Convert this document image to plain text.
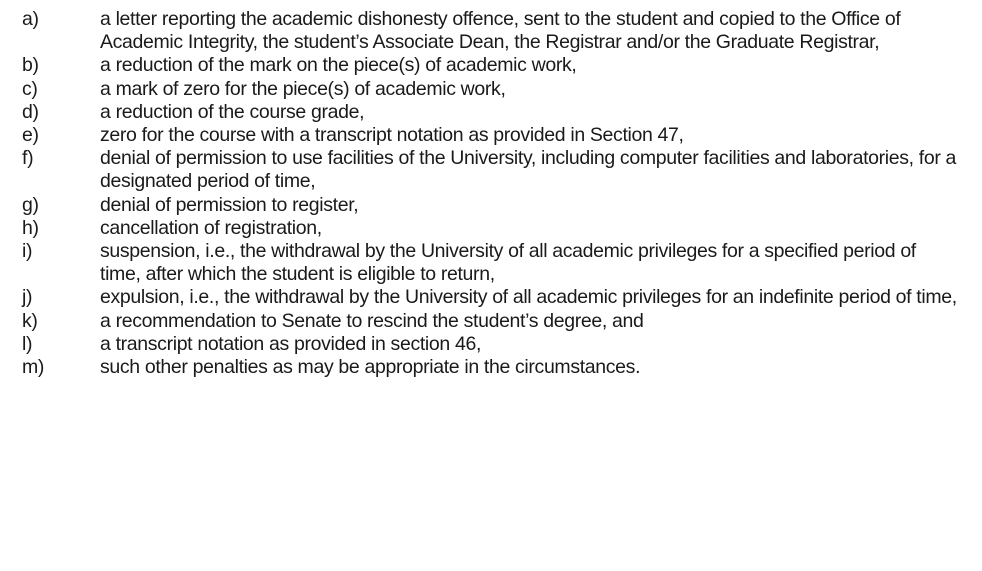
a)	a letter reporting the academic dishonesty offence, sent to the student and copied to the Office of Academic Integrity, the student’s Associate Dean, the Registrar and/or the Graduate Registrar,
b)	a reduction of the mark on the piece(s) of academic work,
c)	a mark of zero for the piece(s) of academic work,
d)	a reduction of the course grade,
e)	zero for the course with a transcript notation as provided in Section 47,
f)	denial of permission to use facilities of the University, including computer facilities and laboratories, for a designated period of time,
g)	denial of permission to register,
h)	cancellation of registration,
i)	suspension, i.e., the withdrawal by the University of all academic privileges for a specified period of time, after which the student is eligible to return,
j)	expulsion, i.e., the withdrawal by the University of all academic privileges for an indefinite period of time,
k)	a recommendation to Senate to rescind the student’s degree, and
l)	a transcript notation as provided in section 46,
m)	such other penalties as may be appropriate in the circumstances.
